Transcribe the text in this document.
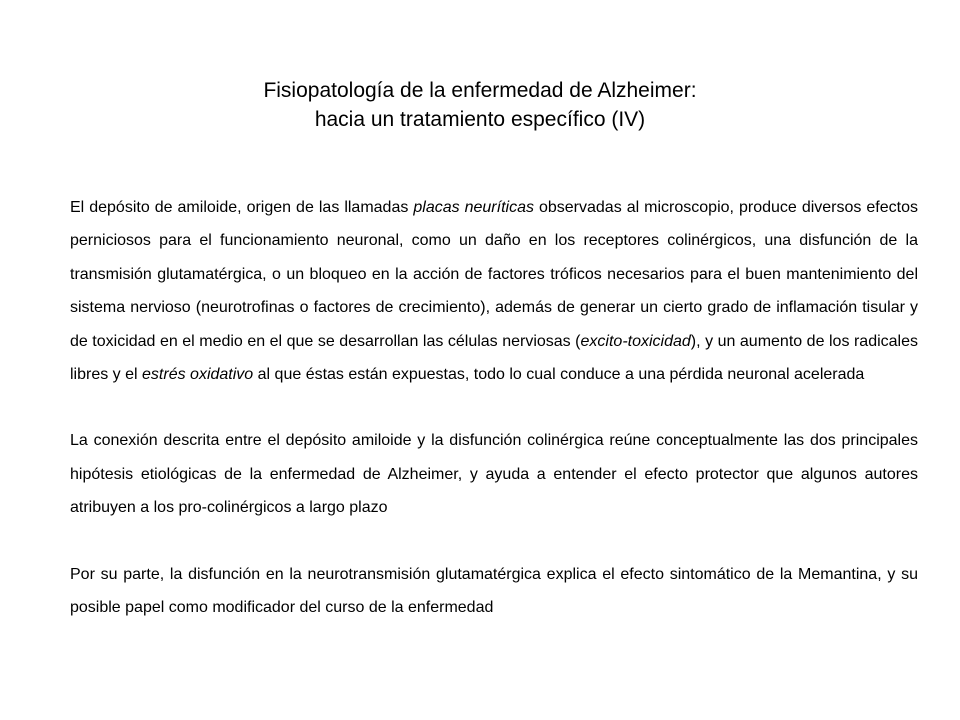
Fisiopatología de la enfermedad de Alzheimer:
hacia un tratamiento específico (IV)

El depósito de amiloide, origen de las llamadas placas neuríticas observadas al microscopio, produce diversos efectos perniciosos para el funcionamiento neuronal, como un daño en los receptores colinérgicos, una disfunción de la transmisión glutamatérgica, o un bloqueo en la acción de factores tróficos necesarios para el buen mantenimiento del sistema nervioso (neurotrofinas o factores de crecimiento), además de generar un cierto grado de inflamación tisular y de toxicidad en el medio en el que se desarrollan las células nerviosas (excito-toxicidad), y un aumento de los radicales libres y el estrés oxidativo al que éstas están expuestas, todo lo cual conduce a una pérdida neuronal acelerada

La conexión descrita entre el depósito amiloide y la disfunción colinérgica reúne conceptualmente las dos principales hipótesis etiológicas de la enfermedad de Alzheimer, y ayuda a entender el efecto protector que algunos autores atribuyen a los pro-colinérgicos a largo plazo

Por su parte, la disfunción en la neurotransmisión glutamatérgica explica el efecto sintomático de la Memantina, y su posible papel como modificador del curso de la enfermedad
